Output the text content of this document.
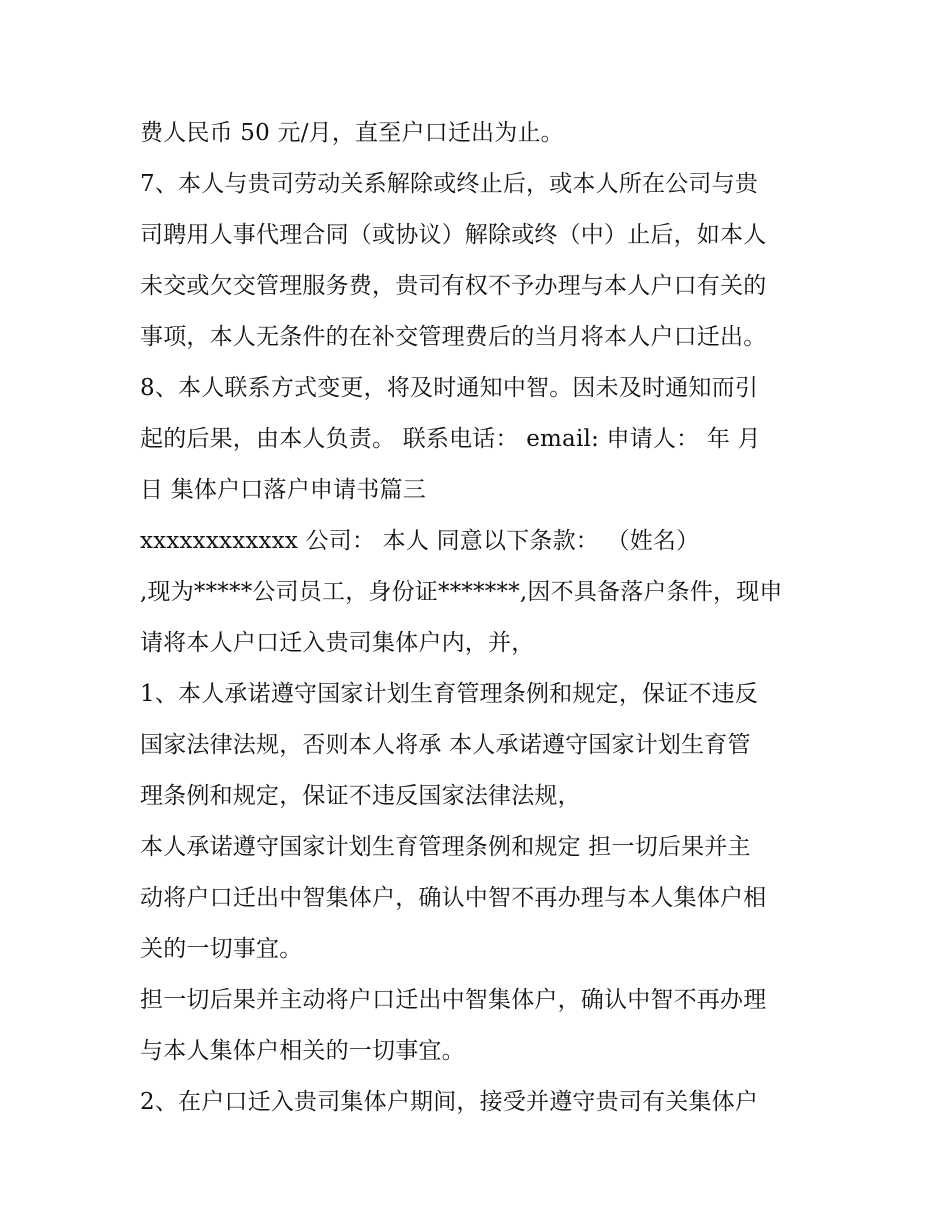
费人民币 50 元/月，直至户口迁出为止。
7、本人与贵司劳动关系解除或终止后，或本人所在公司与贵
司聘用人事代理合同（或协议）解除或终（中）止后，如本人
未交或欠交管理服务费，贵司有权不予办理与本人户口有关的
事项，本人无条件的在补交管理费后的当月将本人户口迁出。
8、本人联系方式变更，将及时通知中智。因未及时通知而引
起的后果，由本人负责。 联系电话： email: 申请人： 年 月
日 集体户口落户申请书篇三
xxxxxxxxxxxx 公司： 本人 同意以下条款： （姓名）
,现为*****公司员工，身份证*******,因不具备落户条件，现申
请将本人户口迁入贵司集体户内，并，
1、本人承诺遵守国家计划生育管理条例和规定，保证不违反
国家法律法规，否则本人将承 本人承诺遵守国家计划生育管
理条例和规定，保证不违反国家法律法规，
本人承诺遵守国家计划生育管理条例和规定 担一切后果并主
动将户口迁出中智集体户，确认中智不再办理与本人集体户相
关的一切事宜。
担一切后果并主动将户口迁出中智集体户，确认中智不再办理
与本人集体户相关的一切事宜。
2、在户口迁入贵司集体户期间，接受并遵守贵司有关集体户
